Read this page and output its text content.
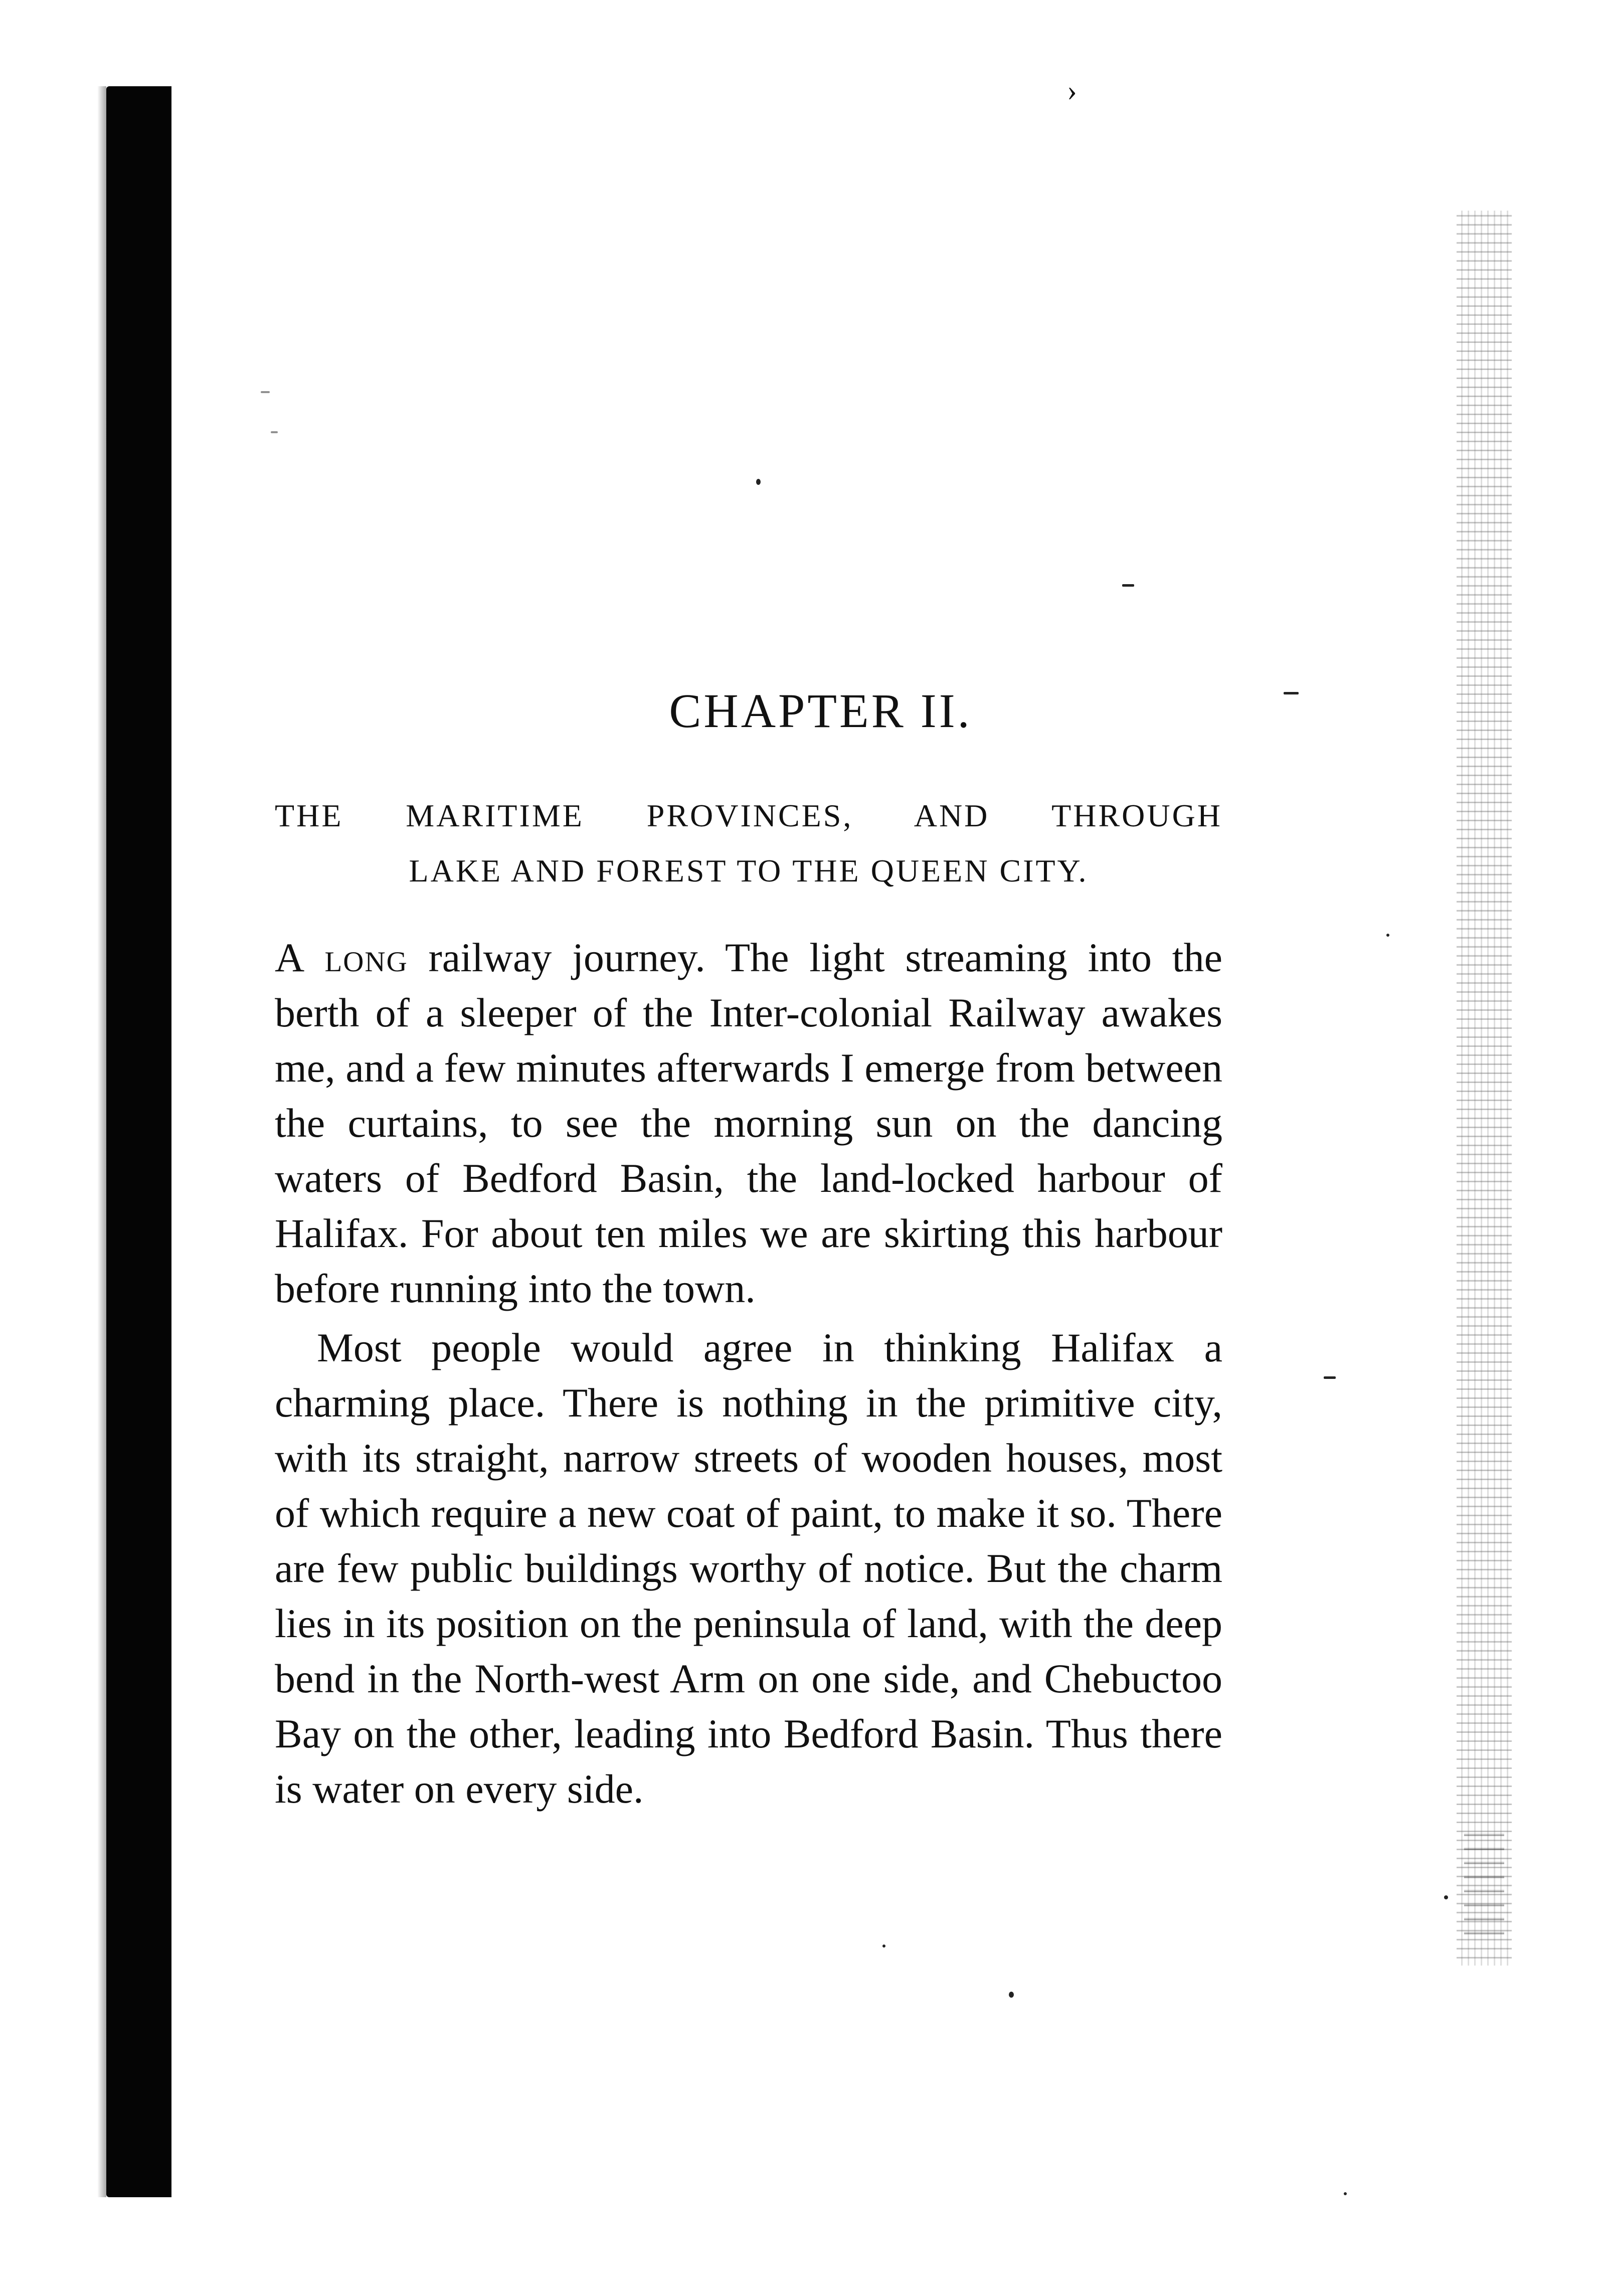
›
CHAPTER II.
THE MARITIME PROVINCES, AND THROUGH
LAKE AND FOREST TO THE QUEEN CITY.

A long railway journey. The light streaming into the berth of a sleeper of the Inter-colonial Railway awakes me, and a few minutes afterwards I emerge from between the curtains, to see the morning sun on the dancing waters of Bedford Basin, the land-locked harbour of Halifax. For about ten miles we are skirting this harbour before running into the town.

Most people would agree in thinking Halifax a charming place. There is nothing in the primitive city, with its straight, narrow streets of wooden houses, most of which require a new coat of paint, to make it so. There are few public buildings worthy of notice. But the charm lies in its position on the peninsula of land, with the deep bend in the North-west Arm on one side, and Chebuctoo Bay on the other, leading into Bedford Basin. Thus there is water on every side.
